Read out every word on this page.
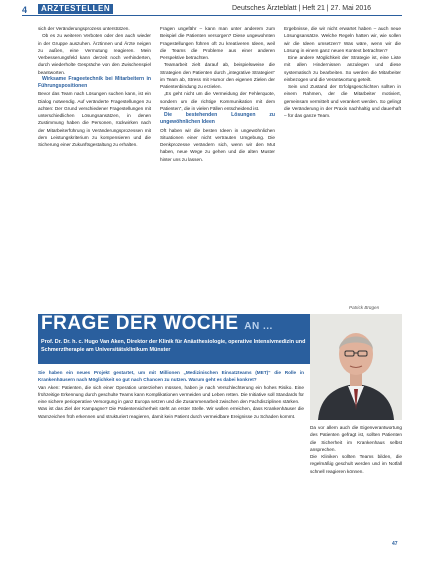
4	ARZTESTELLEN	Deutsches Ärzteblatt | Heft 21 | 27. Mai 2016

sich der Veränderungsprozess unterstützen.

Ob es zu weiteren Verboten oder den auch wieder in der Gruppe auszuhen. Ärztinnen und Ärzte neigen zu außen, eine Vermutung reagieren. Mein Verbesserungsfeld kann derzeit noch verhinderten, durch wiederholte Gespräche von den Zwischenspiel beantworten.

Wirksame Frageetechnik bei Mitarbeitern in Führungspositionen

Bevor das Team nach Lösungen suchen kann, ist ein Dialog notwendig. Auf veränderte Fragestellungen zu achten: Der Grund verschiedener Fragestellungen mit unterschiedlichen Lösungsansätzen, in denen Zustimmung haben die Personen, rückwirken nach der Mitarbeiterführung in Veränderungsprozessen mit dem Leistungskriterium zu kompensieren und die Sicherung einer Zukunftsgestaltung zu erhalten.

Fragen ungefähr – kann man unter anderem zum Beispiel die Patienten versorgen? Diese ungewohnten Fragestellungen führen oft zu kreativeren Ideen, weil die Teams die Probleme aus einer anderen Perspektive betrachten.

Teamarbeit zielt darauf ab, beispielsweise die Strategien den Patienten durch „integrative Strategien“ im Team ab, Stress mit Humor den eigenen Zielen der Patientenbindung zu erzielen.

„Es geht nicht um die Vermeidung der Fehlerquote, sondern um die richtige Kommunikation mit dem Patienten“, die in vielen Fällen entscheidend ist.

Die bestehenden Lösungen zu ungewöhnlichen Ideen

Oft haben wir die besten Ideen in ungewöhnlichen Situationen einer nicht vertrauten Umgebung. Die Denkprozesse verändern sich, wenn wir den Mut haben, neue Wege zu gehen und die alten Muster hinter uns zu lassen.

Ergebnisse, die wir nicht erwartet haben – auch neue Lösungsansätze. Welche Regeln hatten wir, wie sollen wir die Ideen umsetzen? Was wäre, wenn wir die Lösung in einem ganz neuen Kontext betrachten?

Eine andere Möglichkeit der Strategie ist, eine Liste mit allen Hindernissen anzulegen und diese systematisch zu bearbeiten. So werden die Mitarbeiter einbezogen und die Verantwortung geteilt.

Sein und Zustand der Erfolgsgeschichten sollten in einem Rahmen, der die Mitarbeiter motiviert, gemeinsam vermittelt und verankert werden. So gelingt die Veränderung in der Praxis nachhaltig und dauerhaft – für das ganze Team.

Patrick Brügen
FRAGE DER WOCHE AN ...
Prof. Dr. Dr. h. c. Hugo Van Aken, Direktor der Klinik für Anästhesiologie, operative Intensivmedizin und Schmerztherapie am Universitätsklinikum Münster

Sie haben ein neues Projekt gestartet, um mit Millionen „Medizinischen Einsatzteams (MET)“ die Rolle in Krankenhäusern nach Möglichkeit so gut nach Chancen zu nutzen. Warum geht es dabei konkret?

Van Aken: Patienten, die sich einer Operation unterziehen müssen, haben je nach Verschlechterung ein hohes Risiko. Eine frühzeitige Erkennung durch geschulte Teams kann Komplikationen vermeiden und Leben retten. Die Initiative soll Standards für eine sichere perioperative Versorgung in ganz Europa setzen und die Zusammenarbeit zwischen den Fachdisziplinen stärken.

Was ist das Ziel der Kampagne? Die Patientensicherheit steht an erster Stelle. Wir wollen erreichen, dass Krankenhäuser die Warnzeichen früh erkennen und strukturiert reagieren, damit kein Patient durch vermeidbare Ereignisse zu Schaden kommt.

Da vor allem auch die Eigenverantwortung des Patienten gefragt ist, sollten Patienten die Sicherheit im Krankenhaus selbst ansprechen.

Die Kliniken sollten Teams bilden, die regelmäßig geschult werden und im Notfall schnell reagieren können.

47
